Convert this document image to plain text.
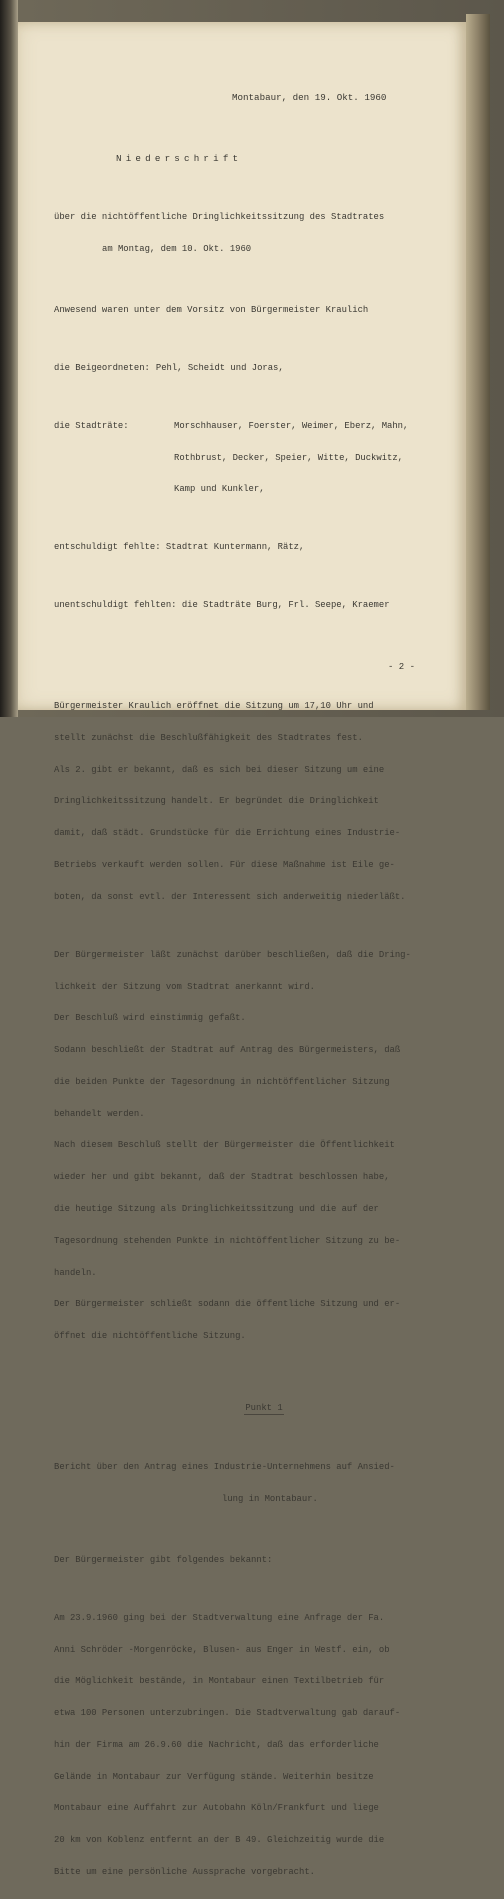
Montabaur, den 19. Okt. 1960

Niederschrift

über die nichtöffentliche Dringlichkeitssitzung des Stadtrates

am Montag, dem 10. Okt. 1960

Anwesend waren unter dem Vorsitz von Bürgermeister Kraulich

die Beigeordneten: Pehl, Scheidt und Joras,

die Stadträte:	Morschhauser, Foerster, Weimer, Eberz, Mahn,

Rothbrust, Decker, Speier, Witte, Duckwitz,

Kamp und Kunkler,

entschuldigt fehlte: Stadtrat Kuntermann, Rätz,

unentschuldigt fehlten: die Stadträte Burg, Frl. Seepe, Kraemer

Bürgermeister Kraulich eröffnet die Sitzung um 17,10 Uhr und

stellt zunächst die Beschlußfähigkeit des Stadtrates fest.

Als 2. gibt er bekannt, daß es sich bei dieser Sitzung um eine

Dringlichkeitssitzung handelt. Er begründet die Dringlichkeit

damit, daß städt. Grundstücke für die Errichtung eines Industrie-

Betriebs verkauft werden sollen. Für diese Maßnahme ist Eile ge-

boten, da sonst evtl. der Interessent sich anderweitig niederläßt.

Der Bürgermeister läßt zunächst darüber beschließen, daß die Dring-

lichkeit der Sitzung vom Stadtrat anerkannt wird.

Der Beschluß wird einstimmig gefaßt.

Sodann beschließt der Stadtrat auf Antrag des Bürgermeisters, daß

die beiden Punkte der Tagesordnung in nichtöffentlicher Sitzung

behandelt werden.

Nach diesem Beschluß stellt der Bürgermeister die Öffentlichkeit

wieder her und gibt bekannt, daß der Stadtrat beschlossen habe,

die heutige Sitzung als Dringlichkeitssitzung und die auf der

Tagesordnung stehenden Punkte in nichtöffentlicher Sitzung zu be-

handeln.

Der Bürgermeister schließt sodann die öffentliche Sitzung und er-

öffnet die nichtöffentliche Sitzung.

Punkt 1

Bericht über den Antrag eines Industrie-Unternehmens auf Ansied-

lung in Montabaur.

Der Bürgermeister gibt folgendes bekannt:

Am 23.9.1960 ging bei der Stadtverwaltung eine Anfrage der Fa.

Anni Schröder -Morgenröcke, Blusen- aus Enger in Westf. ein, ob

die Möglichkeit bestände, in Montabaur einen Textilbetrieb für

etwa 100 Personen unterzubringen. Die Stadtverwaltung gab darauf-

hin der Firma am 26.9.60 die Nachricht, daß das erforderliche

Gelände in Montabaur zur Verfügung stände. Weiterhin besitze

Montabaur eine Auffahrt zur Autobahn Köln/Frankfurt und liege

20 km von Koblenz entfernt an der B 49. Gleichzeitig wurde die

Bitte um eine persönliche Aussprache vorgebracht.

- 2 -
